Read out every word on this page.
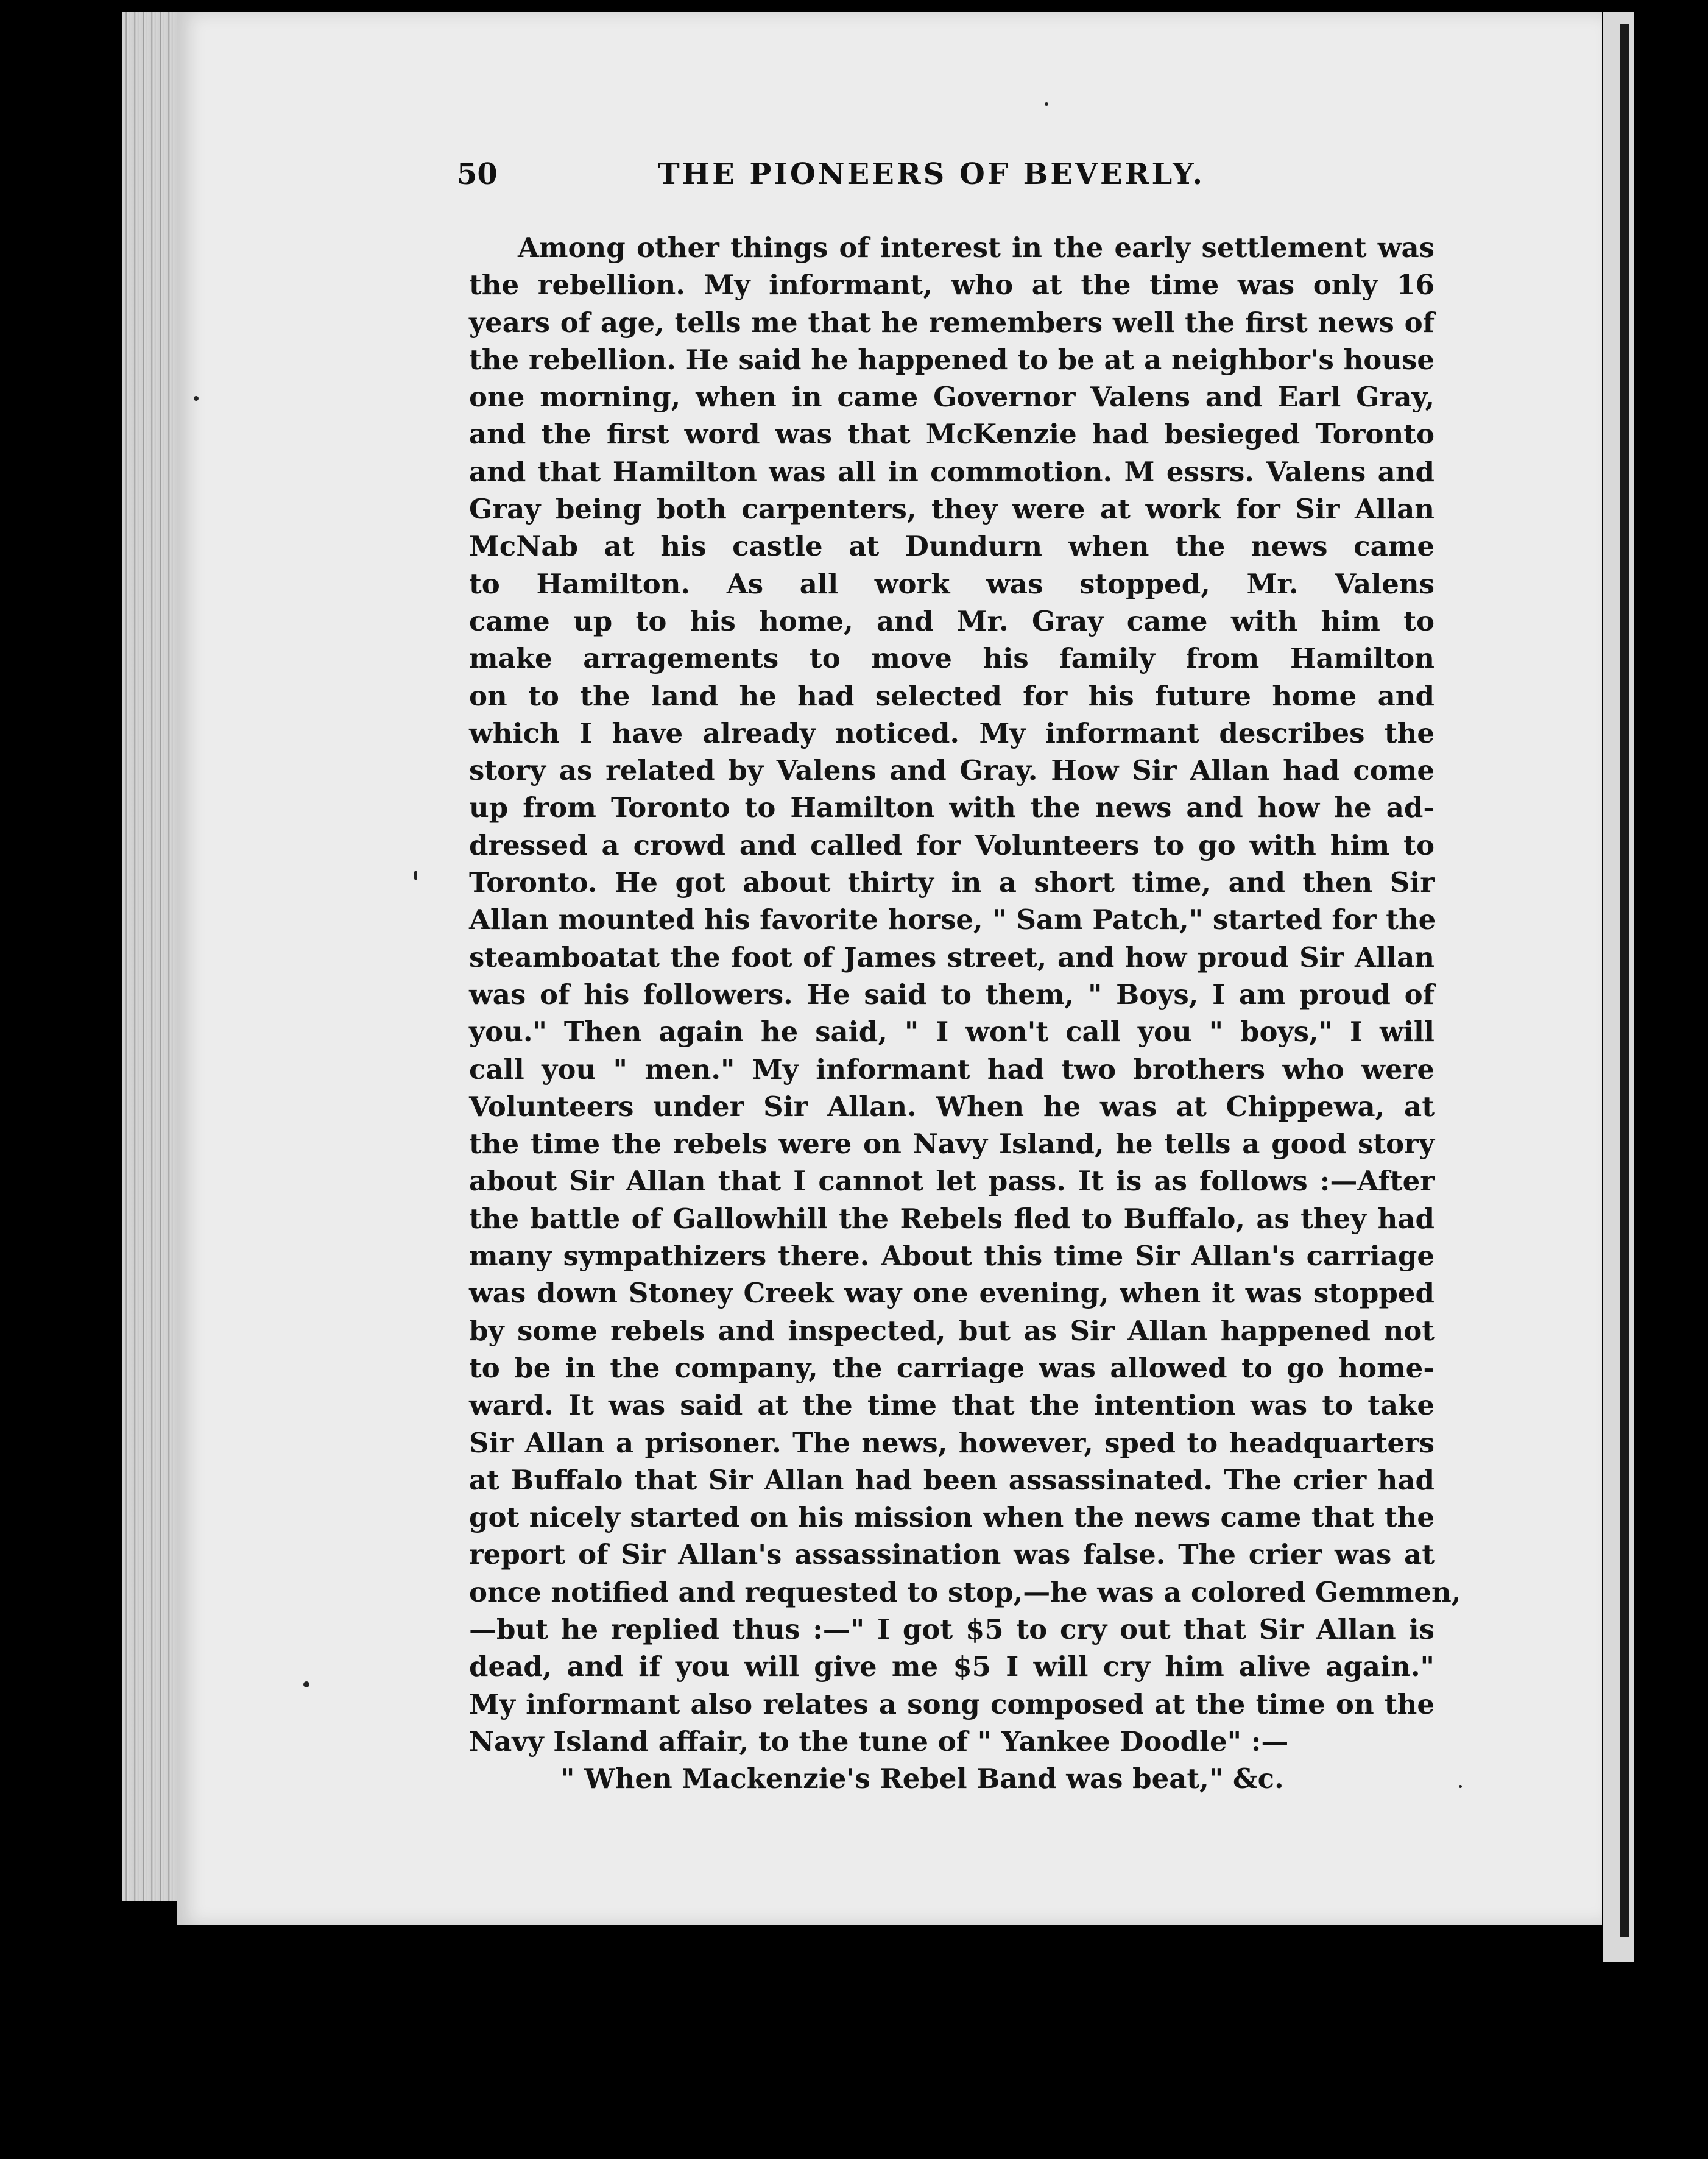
50	THE PIONEERS OF BEVERLY.
Among other things of interest in the early settlement was
the rebellion. My informant, who at the time was only 16
years of age, tells me that he remembers well the first news of
the rebellion. He said he happened to be at a neighbor's house
one morning, when in came Governor Valens and Earl Gray,
and the first word was that McKenzie had besieged Toronto
and that Hamilton was all in commotion. M essrs. Valens and
Gray being both carpenters, they were at work for Sir Allan
McNab at his castle at Dundurn when the news came
to Hamilton. As all work was stopped, Mr. Valens
came up to his home, and Mr. Gray came with him to
make arragements to move his family from Hamilton
on to the land he had selected for his future home and
which I have already noticed. My informant describes the
story as related by Valens and Gray. How Sir Allan had come
up from Toronto to Hamilton with the news and how he ad-
dressed a crowd and called for Volunteers to go with him to
Toronto. He got about thirty in a short time, and then Sir
Allan mounted his favorite horse, " Sam Patch," started for the
steamboatat the foot of James street, and how proud Sir Allan
was of his followers. He said to them, " Boys, I am proud of
you." Then again he said, " I won't call you " boys," I will
call you " men." My informant had two brothers who were
Volunteers under Sir Allan. When he was at Chippewa, at
the time the rebels were on Navy Island, he tells a good story
about Sir Allan that I cannot let pass. It is as follows :—After
the battle of Gallowhill the Rebels fled to Buffalo, as they had
many sympathizers there. About this time Sir Allan's carriage
was down Stoney Creek way one evening, when it was stopped
by some rebels and inspected, but as Sir Allan happened not
to be in the company, the carriage was allowed to go home-
ward. It was said at the time that the intention was to take
Sir Allan a prisoner. The news, however, sped to headquarters
at Buffalo that Sir Allan had been assassinated. The crier had
got nicely started on his mission when the news came that the
report of Sir Allan's assassination was false. The crier was at
once notified and requested to stop,—he was a colored Gemmen,
—but he replied thus :—" I got $5 to cry out that Sir Allan is
dead, and if you will give me $5 I will cry him alive again."
My informant also relates a song composed at the time on the
Navy Island affair, to the tune of " Yankee Doodle" :—
" When Mackenzie's Rebel Band was beat," &c.
